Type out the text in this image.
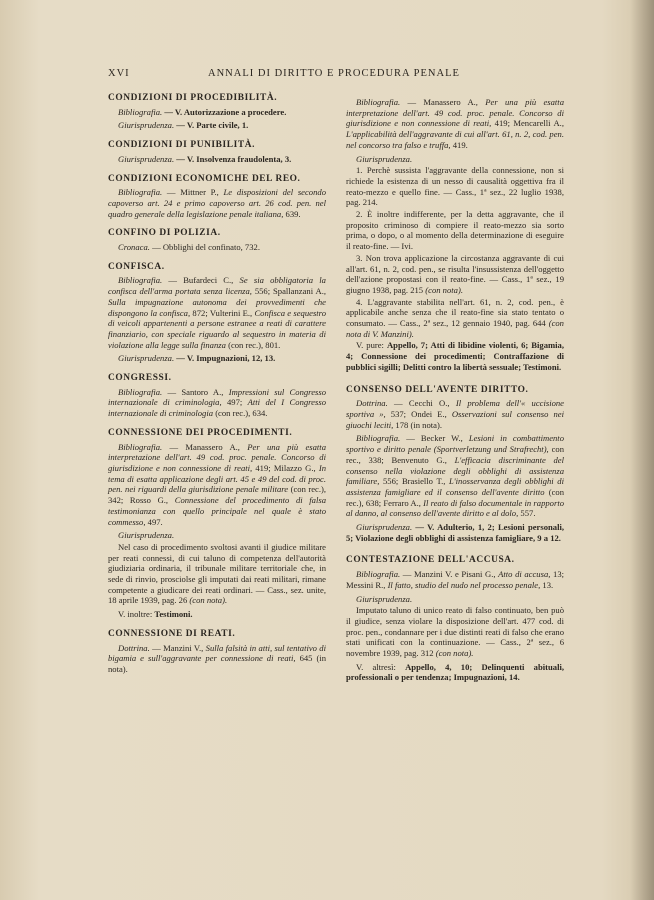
XVI	ANNALI DI DIRITTO E PROCEDURA PENALE
CONDIZIONI DI PROCEDIBILITÀ.
Bibliografia. — V. Autorizzazione a procedere.
Giurisprudenza. — V. Parte civile, 1.
CONDIZIONI DI PUNIBILITÀ.
Giurisprudenza. — V. Insolvenza fraudolenta, 3.
CONDIZIONI ECONOMICHE DEL REO.
Bibliografia. — Mittner P., Le disposizioni del secondo capoverso art. 24 e primo capoverso art. 26 cod. pen. nel quadro generale della legislazione penale italiana, 639.
CONFINO DI POLIZIA.
Cronaca. — Obblighi del confinato, 732.
CONFISCA.
Bibliografia. — Bufardeci C., Se sia obbligatoria la confisca dell'arma portata senza licenza, 556; Spallanzani A., Sulla impugnazione autonoma dei provvedimenti che dispongono la confisca, 872; Vulterini E., Confisca e sequestro di veicoli appartenenti a persone estranee a reati di carattere finanziario, con speciale riguardo al sequestro in materia di violazione alla legge sulla finanza (con rec.), 801.
Giurisprudenza. — V. Impugnazioni, 12, 13.
CONGRESSI.
Bibliografia. — Santoro A., Impressioni sul Congresso internazionale di criminologia, 497; Atti del I Congresso internazionale di criminologia (con rec.), 634.
CONNESSIONE DEI PROCEDIMENTI.
Bibliografia. — Manassero A., Per una più esatta interpretazione dell'art. 49 cod. proc. penale. Concorso di giurisdizione e non connessione di reati, 419; Milazzo G., In tema di esatta applicazione degli art. 45 e 49 del cod. di proc. pen. nei riguardi della giurisdizione penale militare (con rec.), 342; Rosso G., Connessione del procedimento di falsa testimonianza con quello principale nel quale è stato commesso, 497.
Giurisprudenza.
Nel caso di procedimento svoltosi avanti il giudice militare per reati connessi, di cui taluno di competenza dell'autorità giudiziaria ordinaria, il tribunale militare territoriale che, in sede di rinvio, prosciolse gli imputati dai reati militari, rimane competente a giudicare dei reati ordinari. — Cass., sez. unite, 18 aprile 1939, pag. 26 (con nota).
V. inoltre: Testimoni.
CONNESSIONE DI REATI.
Dottrina. — Manzini V., Sulla falsità in atti, sul tentativo di bigamia e sull'aggravante per connessione di reati, 645 (in nota).
Bibliografia. — Manassero A., Per una più esatta interpretazione dell'art. 49 cod. proc. penale. Concorso di giurisdizione e non connessione di reati, 419; Mencarelli A., L'applicabilità dell'aggravante di cui all'art. 61, n. 2, cod. pen. nel concorso tra falso e truffa, 419.
Giurisprudenza.
1. Perchè sussista l'aggravante della connessione, non si richiede la esistenza di un nesso di causalità oggettiva fra il reato-mezzo e quello fine. — Cass., 1ª sez., 22 luglio 1938, pag. 214.
2. È inoltre indifferente, per la detta aggravante, che il proposito criminoso di compiere il reato-mezzo sia sorto prima, o dopo, o al momento della determinazione di eseguire il reato-fine. — Ivi.
3. Non trova applicazione la circostanza aggravante di cui all'art. 61, n. 2, cod. pen., se risulta l'insussistenza dell'oggetto dell'azione propostasi con il reato-fine. — Cass., 1ª sez., 19 giugno 1938, pag. 215 (con nota).
4. L'aggravante stabilita nell'art. 61, n. 2, cod. pen., è applicabile anche senza che il reato-fine sia stato tentato o consumato. — Cass., 2ª sez., 12 gennaio 1940, pag. 644 (con nota di V. Manzini).
V. pure: Appello, 7; Atti di libidine violenti, 6; Bigamia, 4; Connessione dei procedimenti; Contraffazione di pubblici sigilli; Delitti contro la libertà sessuale; Testimoni.
CONSENSO DELL'AVENTE DIRITTO.
Dottrina. — Cecchi O., Il problema dell'« uccisione sportiva », 537; Ondei E., Osservazioni sul consenso nei giuochi leciti, 178 (in nota).
Bibliografia. — Becker W., Lesioni in combattimento sportivo e diritto penale (Sportverletzung und Strafrecht), con rec., 338; Benvenuto G., L'efficacia discriminante del consenso nella violazione degli obblighi di assistenza familiare, 556; Brasiello T., L'inosservanza degli obblighi di assistenza famigliare ed il consenso dell'avente diritto (con rec.), 638; Ferraro A., Il reato di falso documentale in rapporto al danno, al consenso dell'avente diritto e al dolo, 557.
Giurisprudenza. — V. Adulterio, 1, 2; Lesioni personali, 5; Violazione degli obblighi di assistenza famigliare, 9 a 12.
CONTESTAZIONE DELL'ACCUSA.
Bibliografia. — Manzini V. e Pisani G., Atto di accusa, 13; Messini R., Il fatto, studio del nudo nel processo penale, 13.
Giurisprudenza.
Imputato taluno di unico reato di falso continuato, ben può il giudice, senza violare la disposizione dell'art. 477 cod. di proc. pen., condannare per i due distinti reati di falso che erano stati unificati con la continuazione. — Cass., 2ª sez., 6 novembre 1939, pag. 312 (con nota).
V. altresì: Appello, 4, 10; Delinquenti abituali, professionali o per tendenza; Impugnazioni, 14.
